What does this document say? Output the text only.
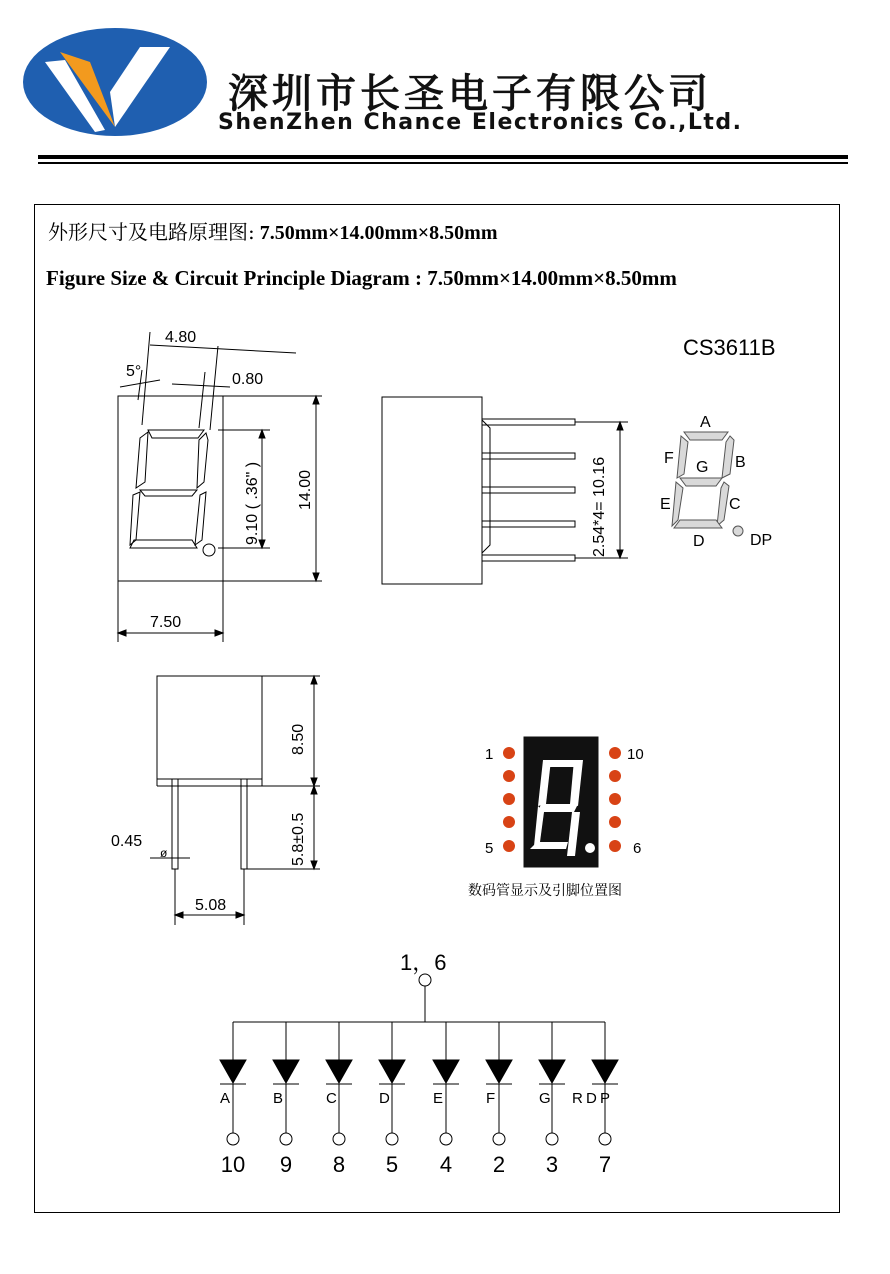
深圳市长圣电子有限公司
ShenZhen Chance Electronics Co.,Ltd.
外形尺寸及电路原理图: 7.50mm×14.00mm×8.50mm
Figure Size & Circuit Principle Diagram : 7.50mm×14.00mm×8.50mm
CS3611B
4.80
5°	0.80
9.10 ( .36" ) 14.00
7.50
2.54*4= 10.16
A
F
G B
E	C
D	DP
8.50
5.8±0.5
ø
0.45
5.08
1	10
5	6
1，6
A
10
B
9
C
8
D
5
E
4
F
2
G
3
RDP
7
数码管显示及引脚位置图
